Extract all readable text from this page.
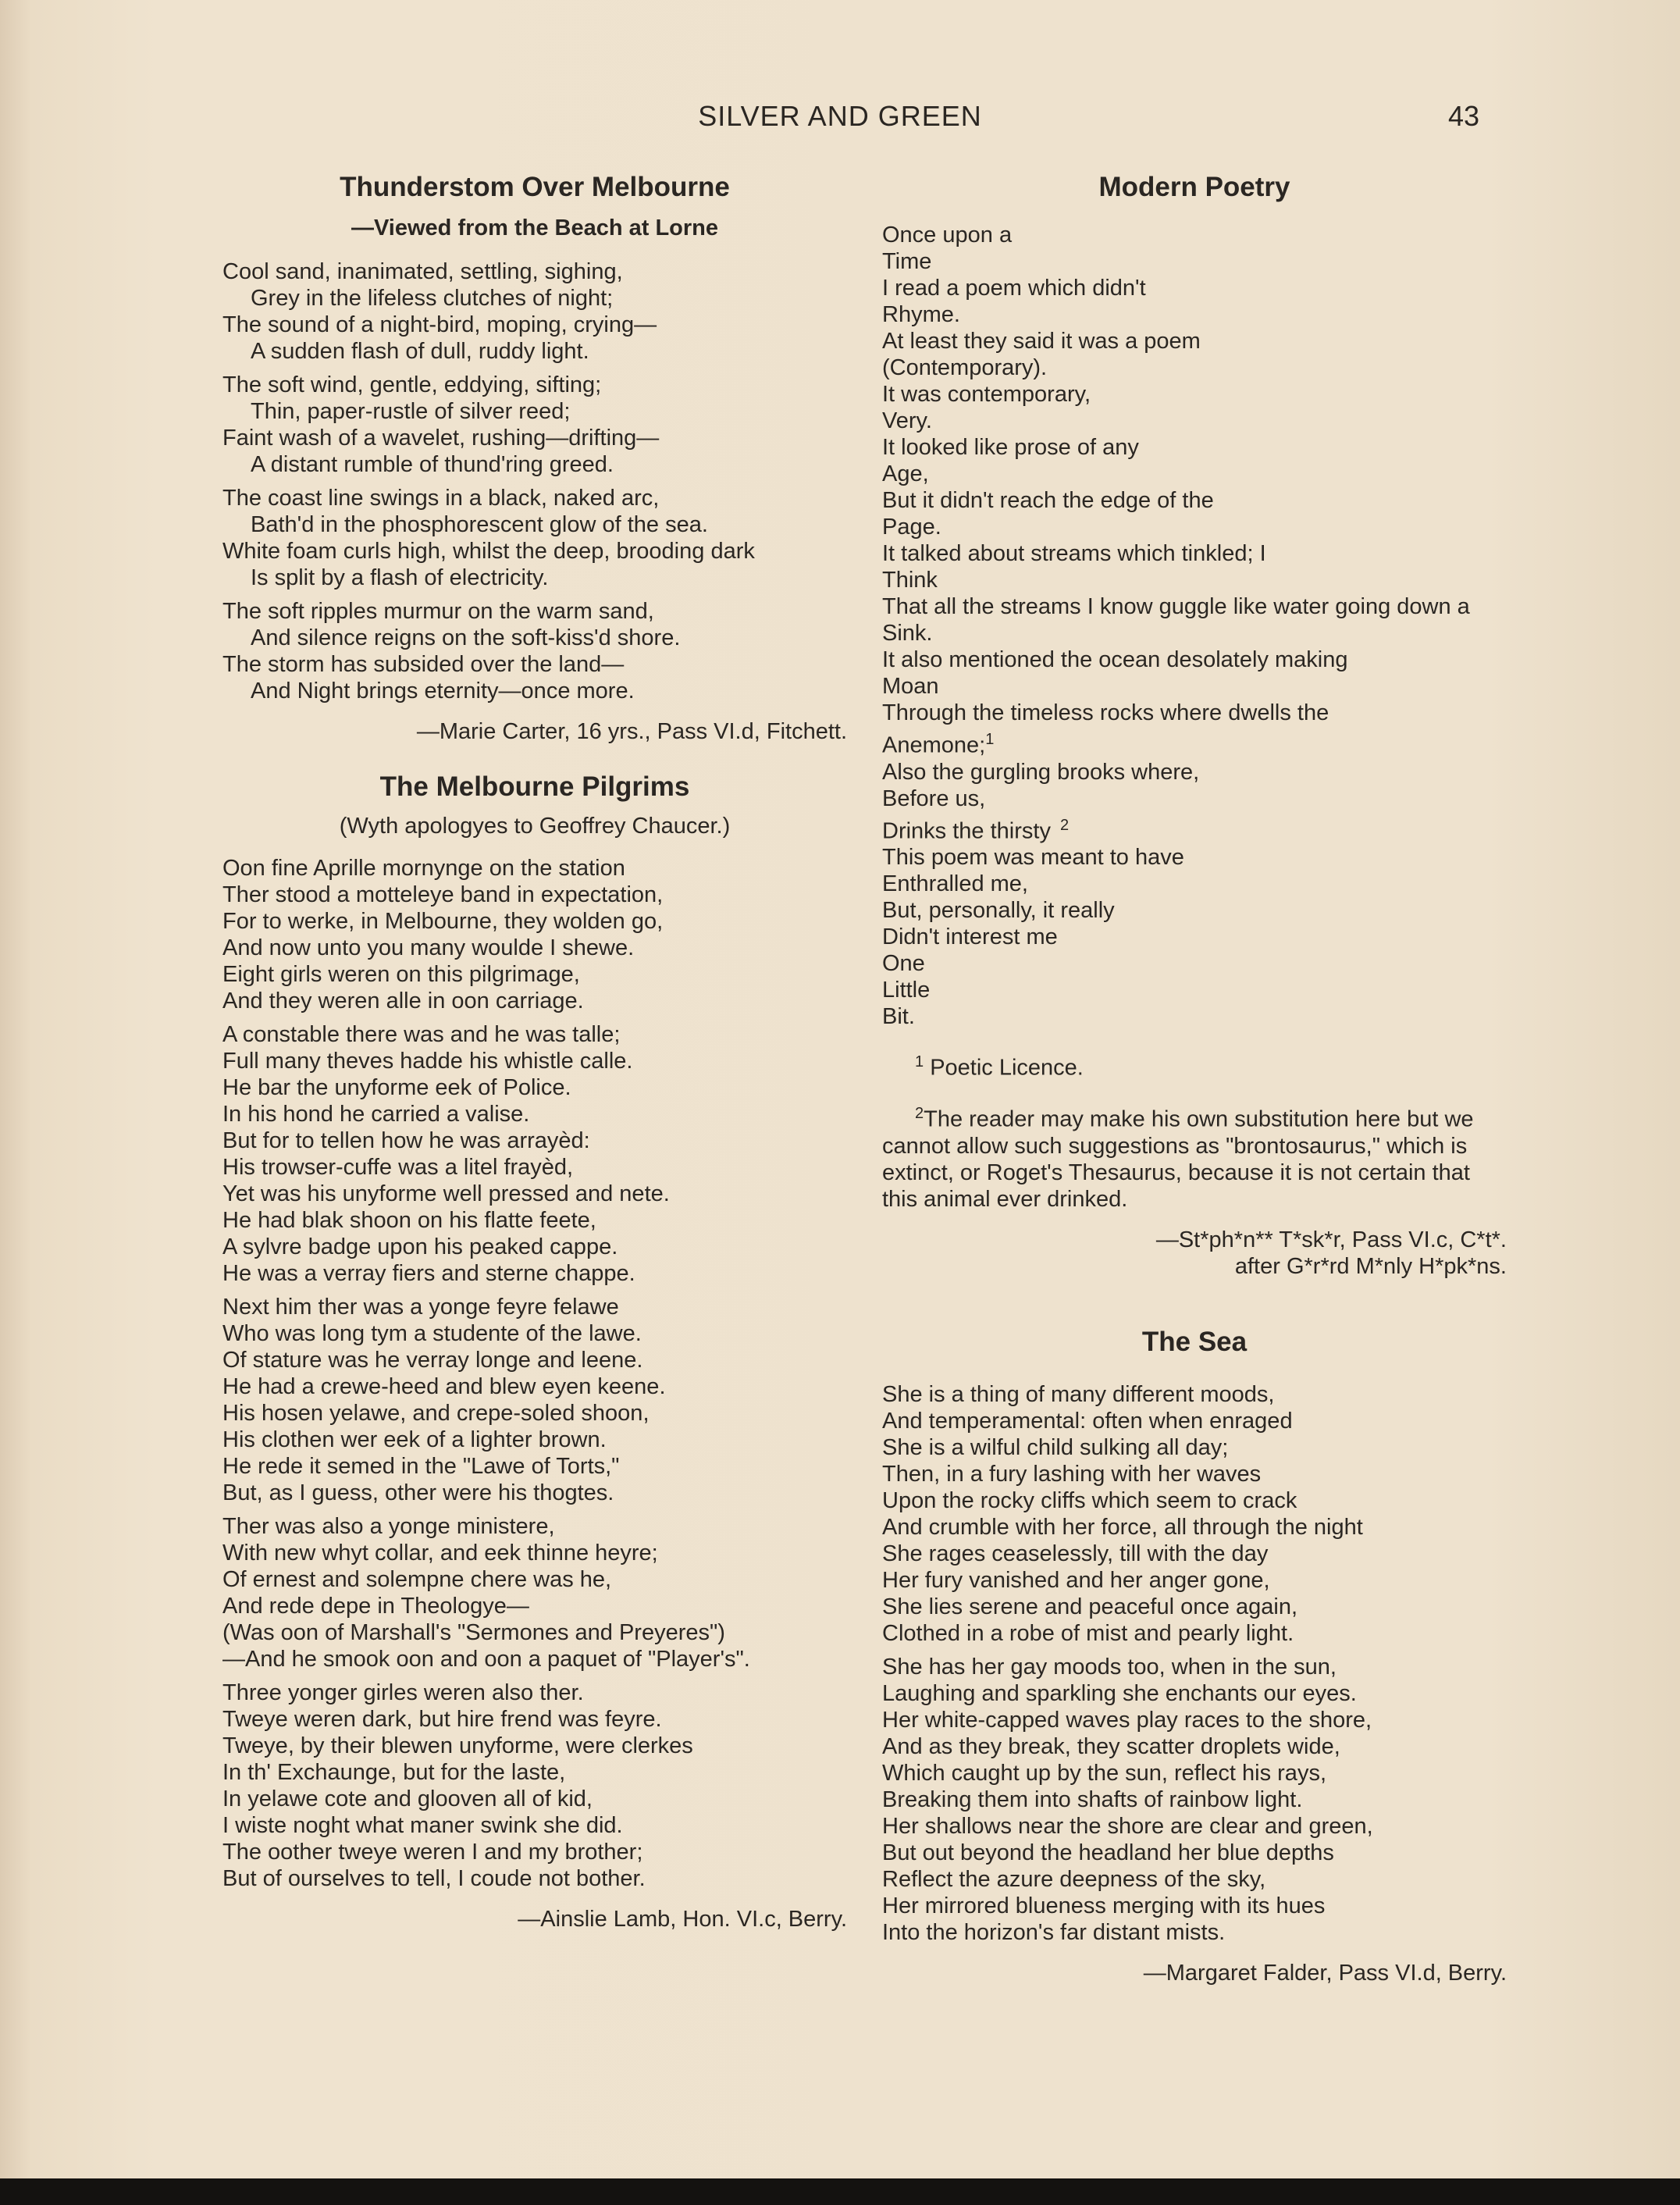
SILVER AND GREEN	43
Thunderstom Over Melbourne
—Viewed from the Beach at Lorne
Cool sand, inanimated, settling, sighing,
Grey in the lifeless clutches of night;
The sound of a night-bird, moping, crying—
A sudden flash of dull, ruddy light.
The soft wind, gentle, eddying, sifting;
Thin, paper-rustle of silver reed;
Faint wash of a wavelet, rushing—drifting—
A distant rumble of thund'ring greed.
The coast line swings in a black, naked arc,
Bath'd in the phosphorescent glow of the sea.
White foam curls high, whilst the deep, brooding dark
Is split by a flash of electricity.
The soft ripples murmur on the warm sand,
And silence reigns on the soft-kiss'd shore.
The storm has subsided over the land—
And Night brings eternity—once more.
—Marie Carter, 16 yrs., Pass VI.d, Fitchett.
The Melbourne Pilgrims
(Wyth apologyes to Geoffrey Chaucer.)
Oon fine Aprille mornynge on the station
Ther stood a motteleye band in expectation,
For to werke, in Melbourne, they wolden go,
And now unto you many woulde I shewe.
Eight girls weren on this pilgrimage,
And they weren alle in oon carriage.
A constable there was and he was talle;
Full many theves hadde his whistle calle.
He bar the unyforme eek of Police.
In his hond he carried a valise.
But for to tellen how he was arrayèd:
His trowser-cuffe was a litel frayèd,
Yet was his unyforme well pressed and nete.
He had blak shoon on his flatte feete,
A sylvre badge upon his peaked cappe.
He was a verray fiers and sterne chappe.
Next him ther was a yonge feyre felawe
Who was long tym a studente of the lawe.
Of stature was he verray longe and leene.
He had a crewe-heed and blew eyen keene.
His hosen yelawe, and crepe-soled shoon,
His clothen wer eek of a lighter brown.
He rede it semed in the "Lawe of Torts,"
But, as I guess, other were his thogtes.
Ther was also a yonge ministere,
With new whyt collar, and eek thinne heyre;
Of ernest and solempne chere was he,
And rede depe in Theologye—
(Was oon of Marshall's "Sermones and Preyeres")
—And he smook oon and oon a paquet of "Player's".
Three yonger girles weren also ther.
Tweye weren dark, but hire frend was feyre.
Tweye, by their blewen unyforme, were clerkes
In th' Exchaunge, but for the laste,
In yelawe cote and glooven all of kid,
I wiste noght what maner swink she did.
The oother tweye weren I and my brother;
But of ourselves to tell, I coude not bother.
—Ainslie Lamb, Hon. VI.c, Berry.
Modern Poetry
Once upon a
Time
I read a poem which didn't
Rhyme.
At least they said it was a poem
(Contemporary).
It was contemporary,
Very.
It looked like prose of any
Age,
But it didn't reach the edge of the
Page.
It talked about streams which tinkled; I
Think
That all the streams I know guggle like water going down a
Sink.
It also mentioned the ocean desolately making
Moan
Through the timeless rocks where dwells the
Anemone;$^1$
Also the gurgling brooks where,
Before us,
Drinks the thirsty $^2$
This poem was meant to have
Enthralled me,
But, personally, it really
Didn't interest me
One
Little
Bit.
$^1$ Poetic Licence.
$^2$The reader may make his own substitution here but we cannot allow such suggestions as "brontosaurus," which is extinct, or Roget's Thesaurus, because it is not certain that this animal ever drinked.
—St*ph*n** T*sk*r, Pass VI.c, C*t*.
after G*r*rd M*nly H*pk*ns.
The Sea
She is a thing of many different moods,
And temperamental: often when enraged
She is a wilful child sulking all day;
Then, in a fury lashing with her waves
Upon the rocky cliffs which seem to crack
And crumble with her force, all through the night
She rages ceaselessly, till with the day
Her fury vanished and her anger gone,
She lies serene and peaceful once again,
Clothed in a robe of mist and pearly light.
She has her gay moods too, when in the sun,
Laughing and sparkling she enchants our eyes.
Her white-capped waves play races to the shore,
And as they break, they scatter droplets wide,
Which caught up by the sun, reflect his rays,
Breaking them into shafts of rainbow light.
Her shallows near the shore are clear and green,
But out beyond the headland her blue depths
Reflect the azure deepness of the sky,
Her mirrored blueness merging with its hues
Into the horizon's far distant mists.
—Margaret Falder, Pass VI.d, Berry.
